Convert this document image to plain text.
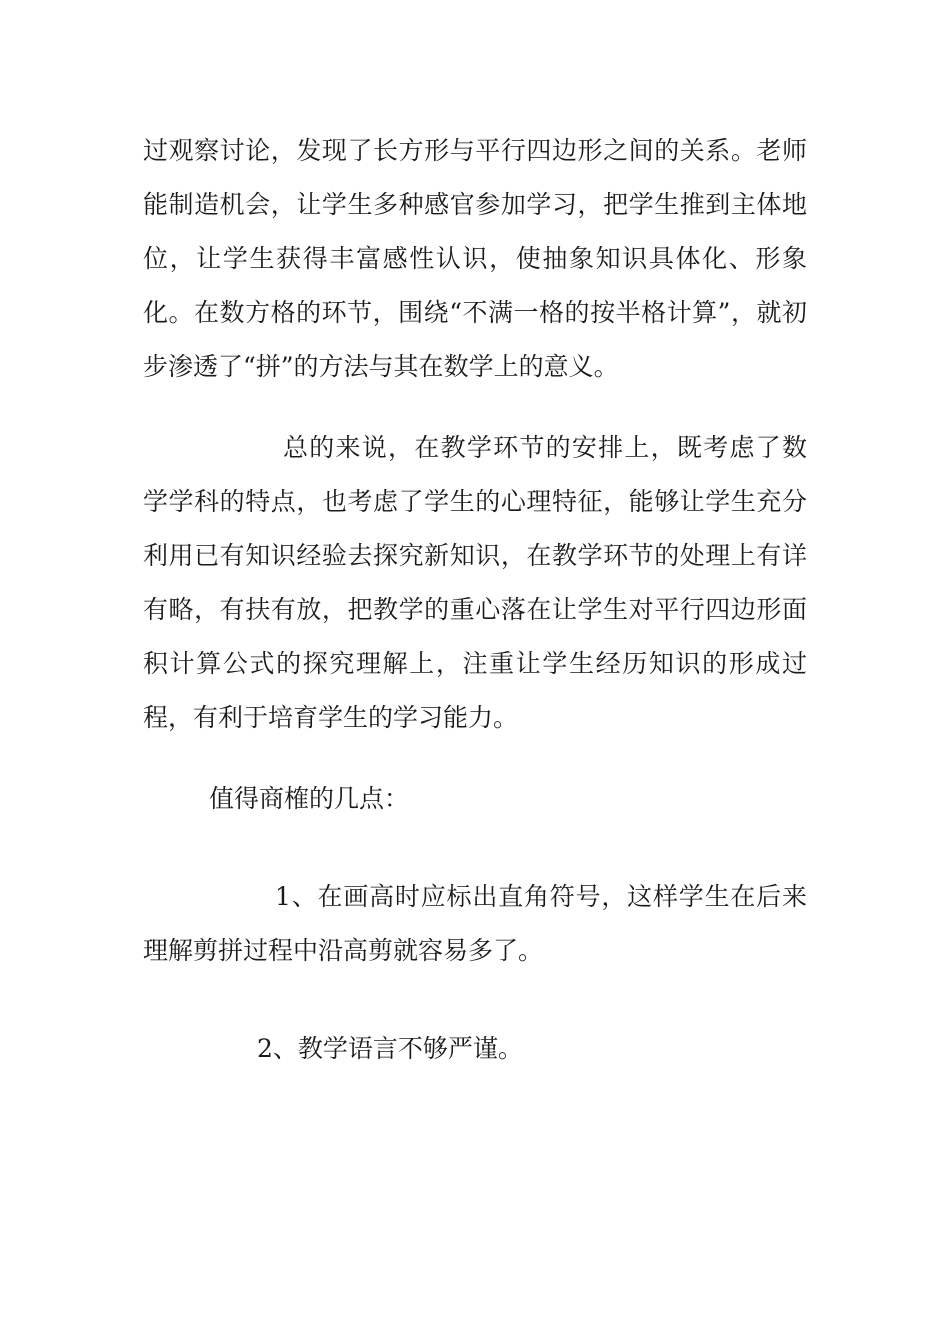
过观察讨论，发现了长方形与平行四边形之间的关系。老师能制造机会，让学生多种感官参加学习，把学生推到主体地位，让学生获得丰富感性认识，使抽象知识具体化、形象化。在数方格的环节，围绕“不满一格的按半格计算”，就初步渗透了“拼”的方法与其在数学上的意义。

总的来说，在教学环节的安排上，既考虑了数学学科的特点，也考虑了学生的心理特征，能够让学生充分利用已有知识经验去探究新知识，在教学环节的处理上有详有略，有扶有放，把教学的重心落在让学生对平行四边形面积计算公式的探究理解上，注重让学生经历知识的形成过程，有利于培育学生的学习能力。

值得商榷的几点：

1、在画高时应标出直角符号，这样学生在后来理解剪拼过程中沿高剪就容易多了。

2、教学语言不够严谨。
